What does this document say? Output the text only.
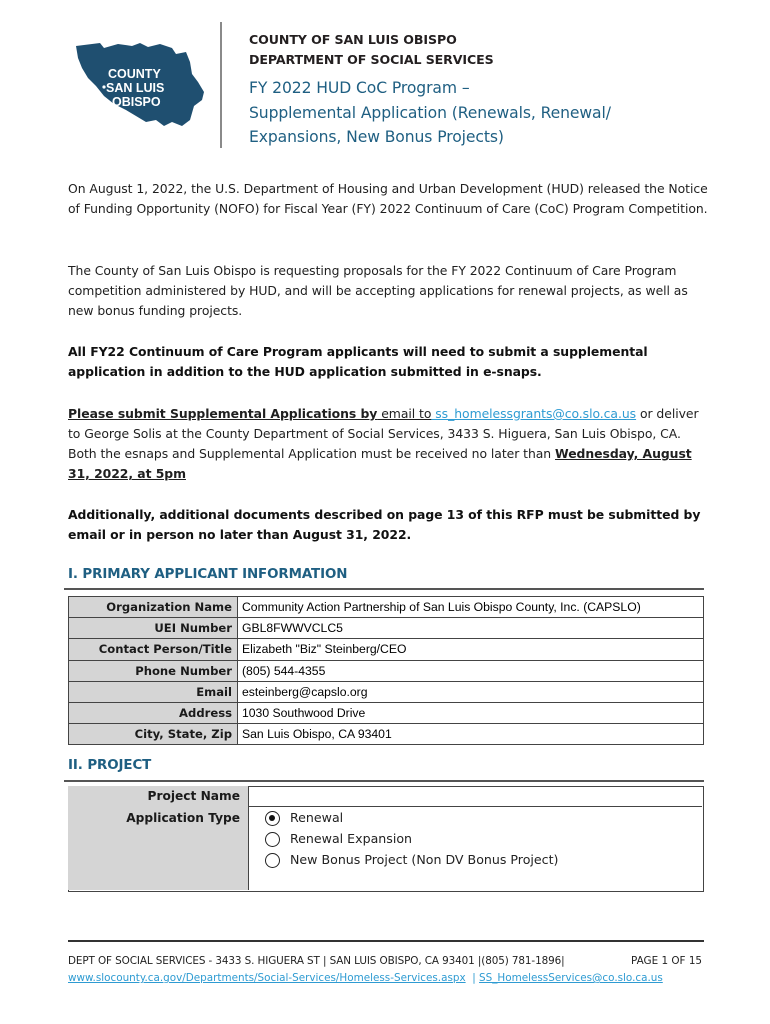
COUNTY
SAN LUIS
OBISPO
COUNTY OF SAN LUIS OBISPO
DEPARTMENT OF SOCIAL SERVICES
FY 2022 HUD CoC Program –
Supplemental Application (Renewals, Renewal/
Expansions, New Bonus Projects)
On August 1, 2022, the U.S. Department of Housing and Urban Development (HUD) released the Notice of Funding Opportunity (NOFO) for Fiscal Year (FY) 2022 Continuum of Care (CoC) Program Competition.
The County of San Luis Obispo is requesting proposals for the FY 2022 Continuum of Care Program competition administered by HUD, and will be accepting applications for renewal projects, as well as new bonus funding projects.
All FY22 Continuum of Care Program applicants will need to submit a supplemental application in addition to the HUD application submitted in e-snaps.
Please submit Supplemental Applications by email to ss_homelessgrants@co.slo.ca.us or deliver to George Solis at the County Department of Social Services, 3433 S. Higuera, San Luis Obispo, CA. Both the esnaps and Supplemental Application must be received no later than Wednesday, August 31, 2022, at 5pm
Additionally, additional documents described on page 13 of this RFP must be submitted by email or in person no later than August 31, 2022.
I. PRIMARY APPLICANT INFORMATION
Organization Name	Community Action Partnership of San Luis Obispo County, Inc. (CAPSLO)
UEI Number	GBL8FWWVCLC5
Contact Person/Title	Elizabeth "Biz" Steinberg/CEO
Phone Number	(805) 544-4355
Email	esteinberg@capslo.org
Address	1030 Southwood Drive
City, State, Zip	San Luis Obispo, CA 93401
II. PROJECT
Project Name
Application Type	Renewal
Renewal Expansion
New Bonus Project (Non DV Bonus Project)
DEPT OF SOCIAL SERVICES - 3433 S. HIGUERA ST | SAN LUIS OBISPO, CA 93401 |(805) 781-1896|	PAGE 1 OF 15
www.slocounty.ca.gov/Departments/Social-Services/Homeless-Services.aspx  | SS_HomelessServices@co.slo.ca.us
